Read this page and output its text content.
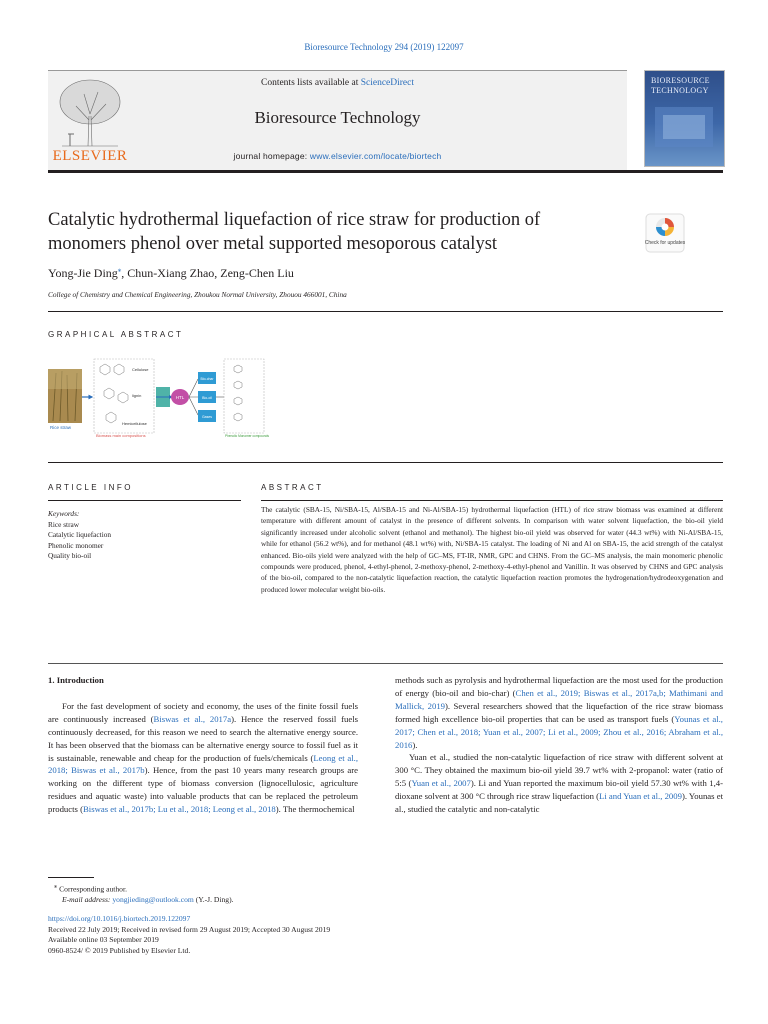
Bioresource Technology 294 (2019) 122097
ELSEVIER
Contents lists available at ScienceDirect
Bioresource Technology
journal homepage: www.elsevier.com/locate/biortech
BIORESOURCE
TECHNOLOGY
Catalytic hydrothermal liquefaction of rice straw for production of monomers phenol over metal supported mesoporous catalyst	Check for updates
Yong-Jie Ding⁎, Chun-Xiang Zhao, Zeng-Chen Liu
College of Chemistry and Chemical Engineering, Zhoukou Normal University, Zhouou 466001, China
GRAPHICAL ABSTRACT
Rice straw
Cellulose
lignin
Hemicellulose
Biomass main compositions
HTL
Bio-char
Bio-oil
Gases
Phenolic Monomer compounds
ARTICLE INFO	ABSTRACT
Keywords:
Rice straw
Catalytic liquefaction
Phenolic monomer
Quality bio-oil
The catalytic (SBA-15, Ni/SBA-15, Al/SBA-15 and Ni-Al/SBA-15) hydrothermal liquefaction (HTL) of rice straw biomass was examined at different temperature with different amount of catalyst in the presence of different solvents. In comparison with water solvent liquefaction, the bio-oil yield significantly increased under alcoholic solvent (ethanol and methanol). The highest bio-oil yield was observed for water (44.3 wt%) with Ni-Al/SBA-15, while for ethanol (56.2 wt%), and for methanol (48.1 wt%) with, Ni/SBA-15 catalyst. The loading of Ni and Al on SBA-15, the acid strength of the catalyst enhanced. Bio-oils yield were analyzed with the help of GC–MS, FT-IR, NMR, GPC and CHNS. From the GC–MS analysis, the main monomeric phenolic compounds were produced, phenol, 4-ethyl-phenol, 2-methoxy-phenol, 2-methoxy-4-ethyl-phenol and Vanillin. It was observed by CHNS and GPC analysis of the bio-oil, compared to the non-catalytic liquefaction reaction, the catalytic liquefaction reaction promotes the hydrogenation/hydrodeoxygenation and produced lower molecular weight bio-oils.

1. Introduction

For the fast development of society and economy, the uses of the finite fossil fuels are continuously increased (Biswas et al., 2017a). Hence the reserved fossil fuels continuously decreased, for this reason we need to search the alternative energy source. It has been observed that the biomass can be alternative energy source to fossil fuel as it is sustainable, renewable and cheap for the production of fuels/chemicals (Leong et al., 2018; Biswas et al., 2017b). Hence, from the past 10 years many research groups are working on the different type of biomass conversion (lignocellulosic, agriculture residues and aquatic waste) into valuable products that can be replaced the petroleum products (Biswas et al., 2017b; Lu et al., 2018; Leong et al., 2018). The thermochemical

methods such as pyrolysis and hydrothermal liquefaction are the most used for the production of energy (bio-oil and bio-char) (Chen et al., 2019; Biswas et al., 2017a,b; Mathimani and Mallick, 2019). Several researchers showed that the liquefaction of the rice straw biomass formed high excellence bio-oil properties that can be used as transport fuels (Younas et al., 2017; Chen et al., 2018; Yuan et al., 2007; Li et al., 2009; Zhou et al., 2016; Abraham et al., 2016).

Yuan et al., studied the non-catalytic liquefaction of rice straw with different solvent at 300 °C. They obtained the maximum bio-oil yield 39.7 wt% with 2-propanol: water (ratio of 5:5 (Yuan et al., 2007). Li and Yuan reported the maximum bio-oil yield 57.30 wt% with 1,4-dioxane solvent at 300 °C through rice straw liquefaction (Li and Yuan et al., 2009). Younas et al., studied the catalytic and non-catalytic

⁎ Corresponding author.

E-mail address: yongjieding@outlook.com (Y.-J. Ding).

https://doi.org/10.1016/j.biortech.2019.122097

Received 22 July 2019; Received in revised form 29 August 2019; Accepted 30 August 2019

Available online 03 September 2019

0960-8524/ © 2019 Published by Elsevier Ltd.
